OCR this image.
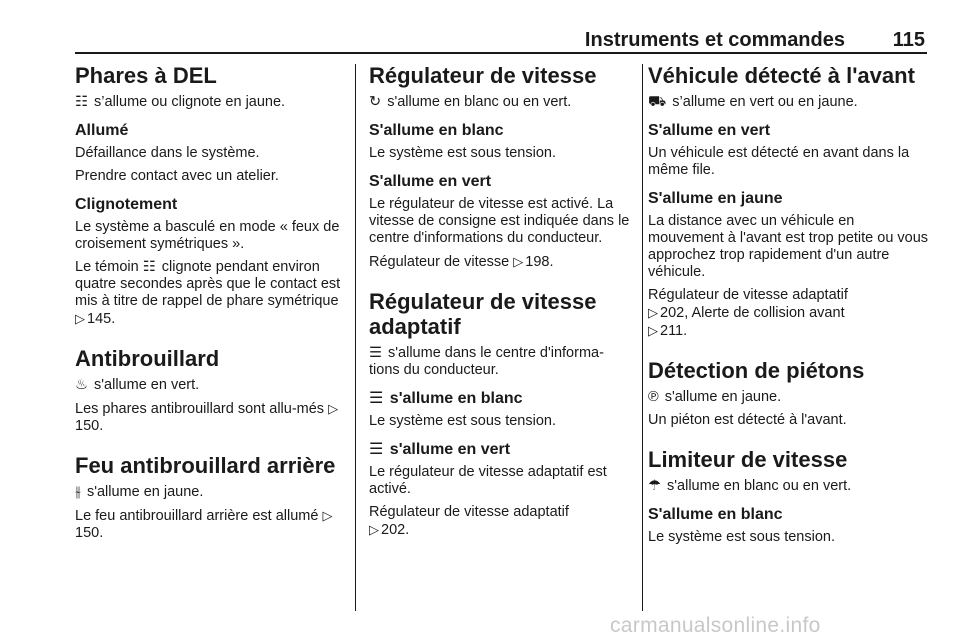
Instruments et commandes 115
Phares à DEL

☷ s’allume ou clignote en jaune.

Allumé

Défaillance dans le système.

Prendre contact avec un atelier.

Clignotement

Le système a basculé en mode « feux de croisement symétriques ».

Le témoin ☷ clignote pendant environ quatre secondes après que le contact est mis à titre de rappel de phare symétrique ▷ 145.

Antibrouillard

♨ s'allume en vert.

Les phares antibrouillard sont allu-més ▷150.

Feu antibrouillard arrière

⫳ s'allume en jaune.

Le feu antibrouillard arrière est allumé ▷150.

Régulateur de vitesse

↻ s'allume en blanc ou en vert.

S'allume en blanc

Le système est sous tension.

S'allume en vert

Le régulateur de vitesse est activé. La vitesse de consigne est indiquée dans le centre d'informations du conducteur.

Régulateur de vitesse ▷ 198.

Régulateur de vitesse adaptatif

☰ s'allume dans le centre d'informa-tions du conducteur.

☰ s'allume en blanc

Le système est sous tension.

☰ s'allume en vert

Le régulateur de vitesse adaptatif est activé.

Régulateur de vitesse adaptatif
▷ 202.

Véhicule détecté à l'avant

⛟ s’allume en vert ou en jaune.

S'allume en vert

Un véhicule est détecté en avant dans la même file.

S'allume en jaune

La distance avec un véhicule en mouvement à l'avant est trop petite ou vous approchez trop rapidement d'un autre véhicule.

Régulateur de vitesse adaptatif
▷ 202, Alerte de collision avant
▷ 211.

Détection de piétons

℗ s'allume en jaune.

Un piéton est détecté à l'avant.

Limiteur de vitesse

☂ s'allume en blanc ou en vert.

S'allume en blanc

Le système est sous tension.

carmanualsonline.info
